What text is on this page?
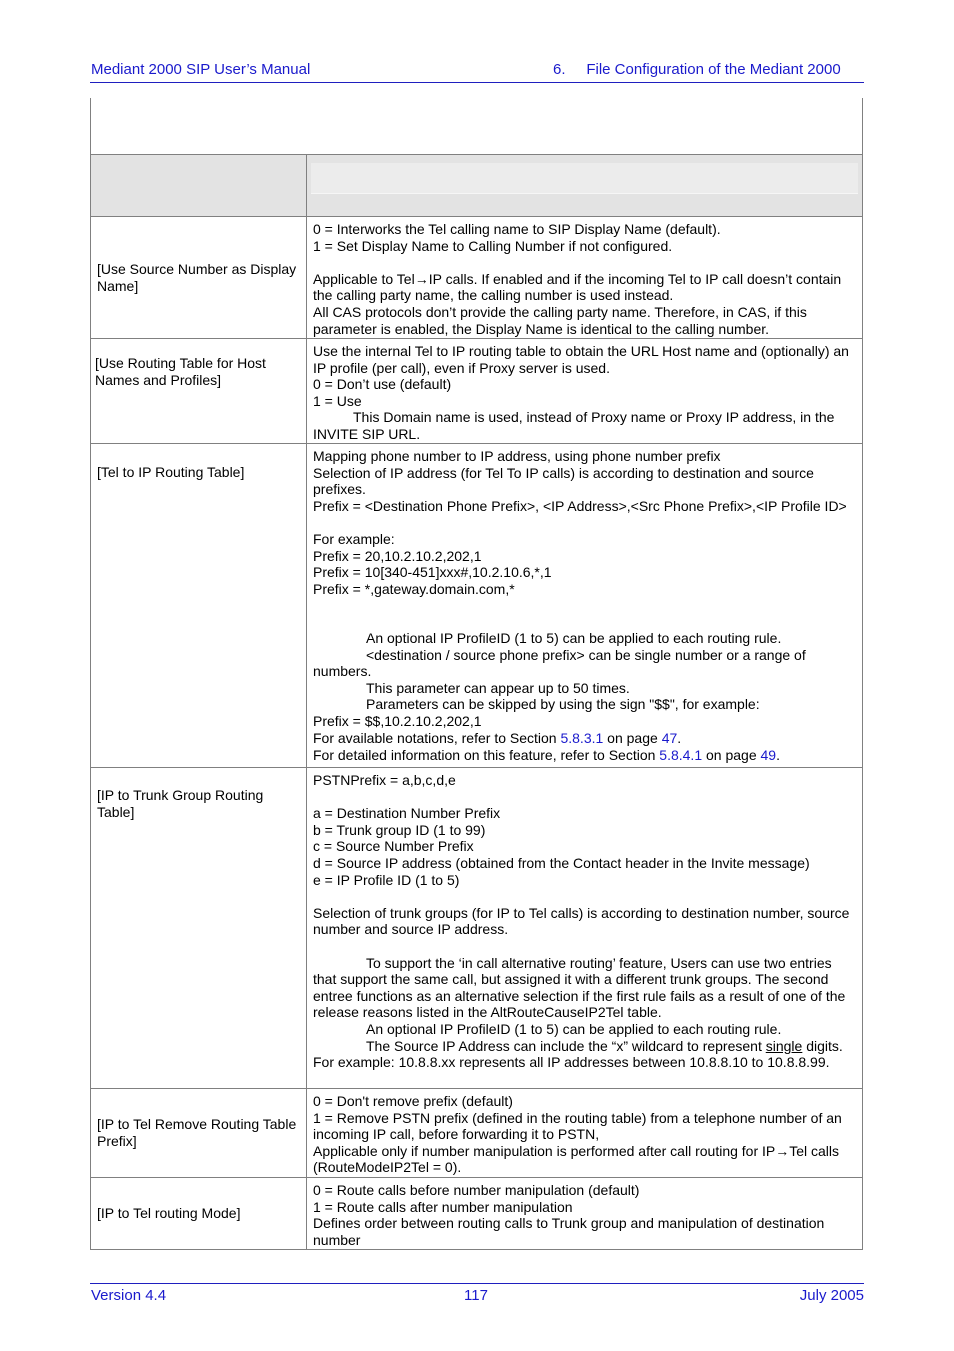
Mediant 2000 SIP User’s Manual	6.     File Configuration of the Mediant 2000
[Use Source Number as Display Name]

0 = Interworks the Tel calling name to SIP Display Name (default).

1 = Set Display Name to Calling Number if not configured.

Applicable to Tel→IP calls. If enabled and if the incoming Tel to IP call doesn’t contain the calling party name, the calling number is used instead.

All CAS protocols don’t provide the calling party name. Therefore, in CAS, if this parameter is enabled, the Display Name is identical to the calling number.

[Use Routing Table for Host Names and Profiles]

Use the internal Tel to IP routing table to obtain the URL Host name and (optionally) an IP profile (per call), even if Proxy server is used.

0 = Don’t use (default)

1 = Use

This Domain name is used, instead of Proxy name or Proxy IP address, in the INVITE SIP URL.

[Tel to IP Routing Table]

Mapping phone number to IP address, using phone number prefix

Selection of IP address (for Tel To IP calls) is according to destination and source prefixes.

Prefix = <Destination Phone Prefix>, <IP Address>,<Src Phone Prefix>,<IP Profile ID>

For example:

Prefix = 20,10.2.10.2,202,1

Prefix = 10[340-451]xxx#,10.2.10.6,*,1

Prefix = *,gateway.domain.com,*

An optional IP ProfileID (1 to 5) can be applied to each routing rule.

<destination / source phone prefix> can be single number or a range of numbers.

This parameter can appear up to 50 times.

Parameters can be skipped by using the sign "$$", for example:

Prefix = $$,10.2.10.2,202,1

For available notations, refer to Section 5.8.3.1 on page 47.

For detailed information on this feature, refer to Section 5.8.4.1 on page 49.

[IP to Trunk Group Routing Table]

PSTNPrefix = a,b,c,d,e

a = Destination Number Prefix

b = Trunk group ID (1 to 99)

c = Source Number Prefix

d = Source IP address (obtained from the Contact header in the Invite message)

e = IP Profile ID (1 to 5)

Selection of trunk groups (for IP to Tel calls) is according to destination number, source number and source IP address.

To support the ‘in call alternative routing’ feature, Users can use two entries that support the same call, but assigned it with a different trunk groups. The second entree functions as an alternative selection if the first rule fails as a result of one of the release reasons listed in the AltRouteCauseIP2Tel table.

An optional IP ProfileID (1 to 5) can be applied to each routing rule.

The Source IP Address can include the “x” wildcard to represent single digits. For example: 10.8.8.xx represents all IP addresses between 10.8.8.10 to 10.8.8.99.

[IP to Tel Remove Routing Table Prefix]

0 = Don't remove prefix (default)

1 = Remove PSTN prefix (defined in the routing table) from a telephone number of an incoming IP call, before forwarding it to PSTN,

Applicable only if number manipulation is performed after call routing for IP→Tel calls (RouteModeIP2Tel = 0).

[IP to Tel routing Mode]

0 = Route calls before number manipulation (default)

1 = Route calls after number manipulation

Defines order between routing calls to Trunk group and manipulation of destination number

Version 4.4	117	July 2005
